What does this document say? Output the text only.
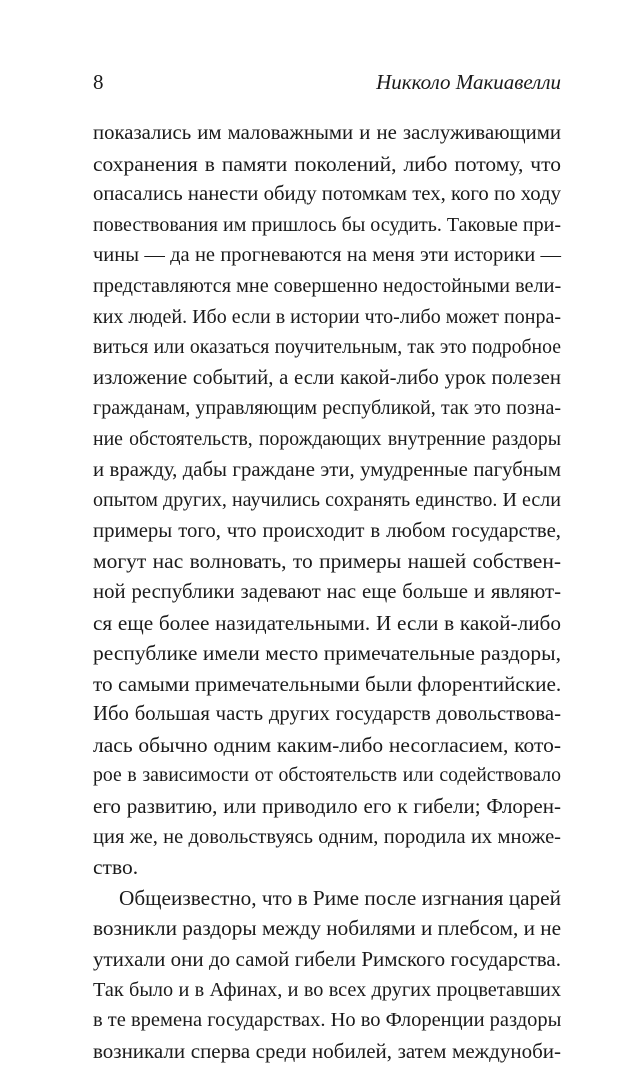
8	Никколо Макиавелли
показались им маловажными и не заслуживающими
сохранения в памяти поколений, либо потому, что
опасались нанести обиду потомкам тех, кого по ходу
повествования им пришлось бы осудить. Таковые при-
чины — да не прогневаются на меня эти историки —
представляются мне совершенно недостойными вели-
ких людей. Ибо если в истории что-либо может понра-
виться или оказаться поучительным, так это подробное
изложение событий, а если какой-либо урок полезен
гражданам, управляющим республикой, так это позна-
ние обстоятельств, порождающих внутренние раздоры
и вражду, дабы граждане эти, умудренные пагубным
опытом других, научились сохранять единство. И если
примеры того, что происходит в любом государстве,
могут нас волновать, то примеры нашей собствен-
ной республики задевают нас еще больше и являют-
ся еще более назидательными. И если в какой-либо
республике имели место примечательные раздоры,
то самыми примечательными были флорентийские.
Ибо большая часть других государств довольствова-
лась обычно одним каким-либо несогласием, кото-
рое в зависимости от обстоятельств или содействовало
его развитию, или приводило его к гибели; Флорен-
ция же, не довольствуясь одним, породила их множе-
ство.
Общеизвестно, что в Риме после изгнания царей
возникли раздоры между нобилями и плебсом, и не
утихали они до самой гибели Римского государства.
Так было и в Афинах, и во всех других процветавших
в те времена государствах. Но во Флоренции раздоры
возникали сперва среди нобилей, затем междуноби-
